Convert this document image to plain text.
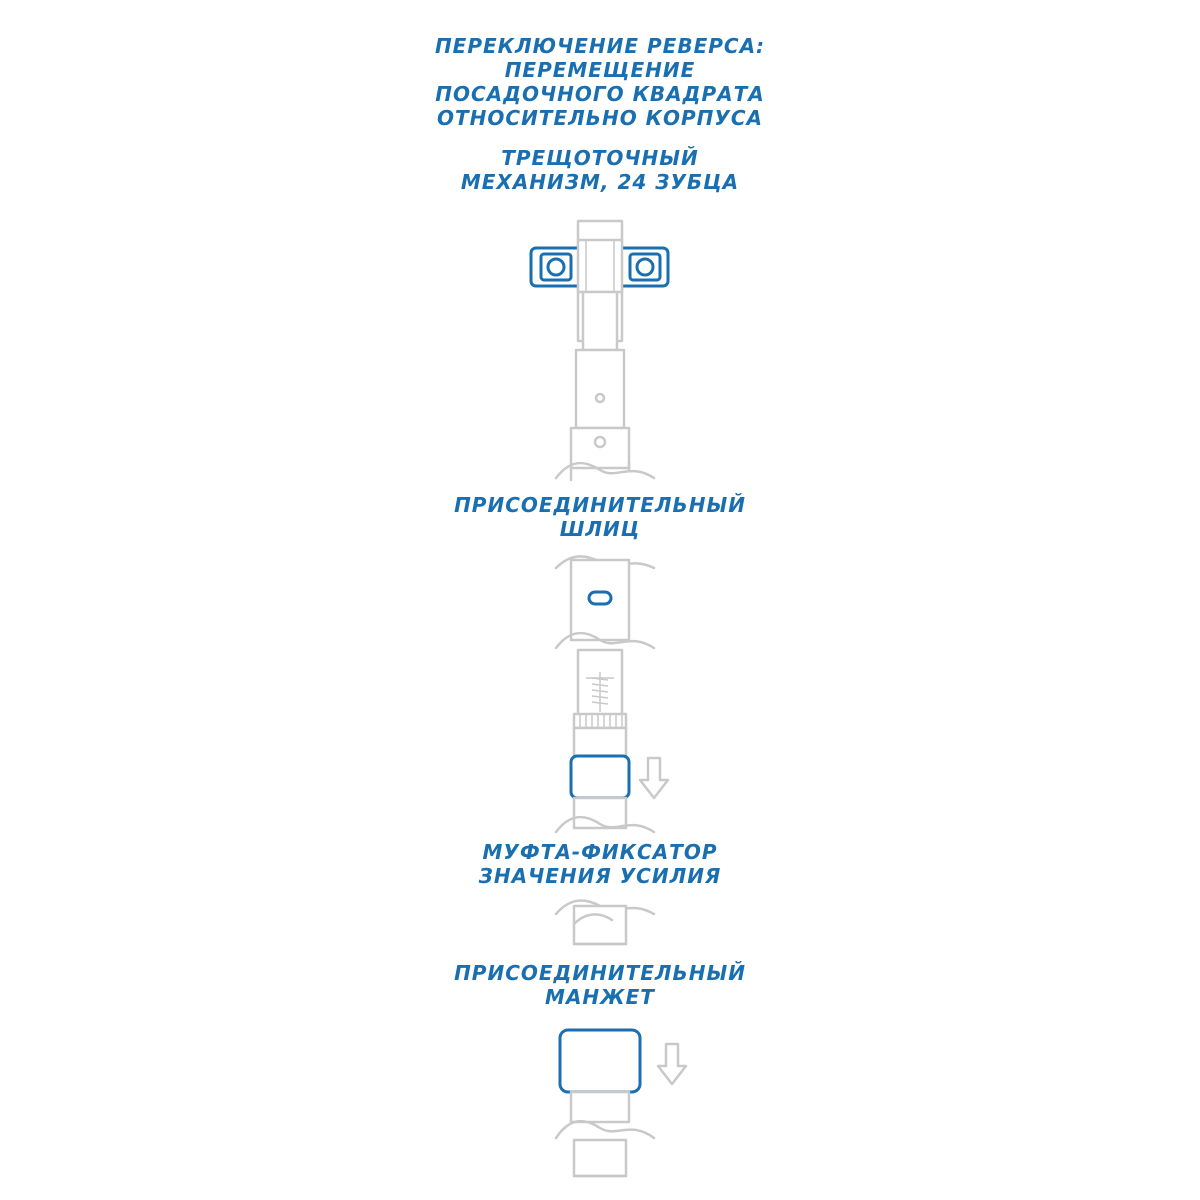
ПЕРЕКЛЮЧЕНИЕ РЕВЕРСА:
ПЕРЕМЕЩЕНИЕ
ПОСАДОЧНОГО КВАДРАТА
ОТНОСИТЕЛЬНО КОРПУСА
ТРЕЩОТОЧНЫЙ
МЕХАНИЗМ, 24 ЗУБЦА
ПРИСОЕДИНИТЕЛЬНЫЙ
ШЛИЦ
МУФТА-ФИКСАТОР
ЗНАЧЕНИЯ УСИЛИЯ
ПРИСОЕДИНИТЕЛЬНЫЙ
МАНЖЕТ
